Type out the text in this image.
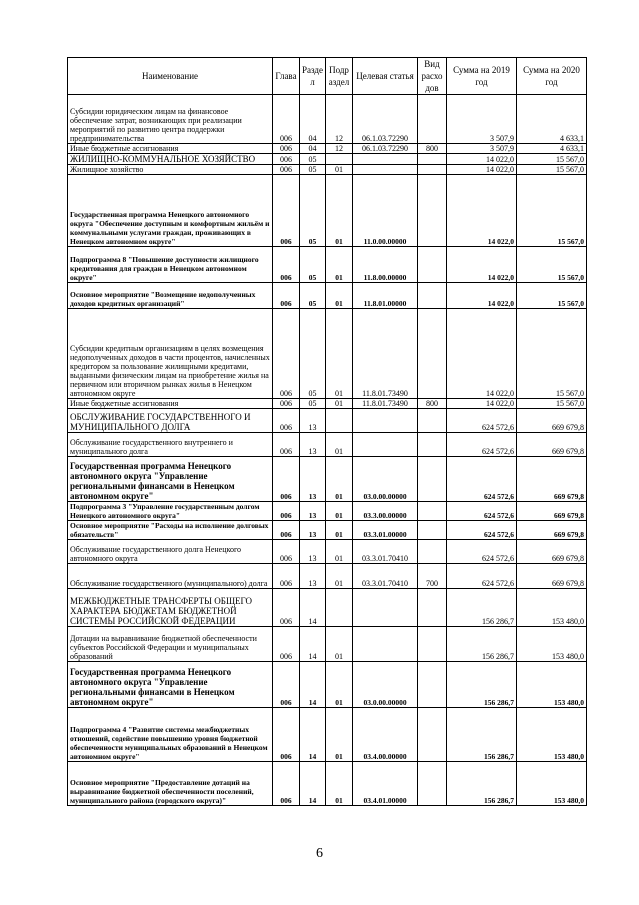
Наименование	Глава	Разде л	Подр аздел	Целевая статья	Вид расхо дов	Сумма на 2019 год	Сумма на 2020 год
Субсидии юридическим лицам на финансовое обеспечение затрат, возникающих при реализации мероприятий по развитию центра поддержки предпринимательства	006	04	12	06.1.03.72290		3 507,9	4 633,1
Иные бюджетные ассигнования	006	04	12	06.1.03.72290	800	3 507,9	4 633,1
ЖИЛИЩНО-КОММУНАЛЬНОЕ ХОЗЯЙСТВО	006	05				14 022,0	15 567,0
Жилищное хозяйство	006	05	01			14 022,0	15 567,0
Государственная программа Ненецкого автономного округа "Обеспечение доступным и комфортным жильём и коммунальными услугами граждан, проживающих в Ненецком автономном округе"	006	05	01	11.0.00.00000		14 022,0	15 567,0
Подпрограмма 8 "Повышение доступности жилищного кредитования для граждан в Ненецком автономном округе"	006	05	01	11.8.00.00000		14 022,0	15 567,0
Основное мероприятие "Возмещение недополученных доходов кредитных организаций"	006	05	01	11.8.01.00000		14 022,0	15 567,0
Субсидии кредитным организациям в целях возмещения недополученных доходов в части процентов, начисленных кредитором за пользование жилищными кредитами, выданными физическим лицам на приобретение жилья на первичном или вторичном рынках жилья в Ненецком автономном округе	006	05	01	11.8.01.73490		14 022,0	15 567,0
Иные бюджетные ассигнования	006	05	01	11.8.01.73490	800	14 022,0	15 567,0
ОБСЛУЖИВАНИЕ ГОСУДАРСТВЕННОГО И МУНИЦИПАЛЬНОГО ДОЛГА	006	13				624 572,6	669 679,8
Обслуживание государственного внутреннего и муниципального долга	006	13	01			624 572,6	669 679,8
Государственная программа Ненецкого автономного округа "Управление региональными финансами в Ненецком автономном округе"	006	13	01	03.0.00.00000		624 572,6	669 679,8
Подпрограмма 3 "Управление государственным долгом Ненецкого автономного округа"	006	13	01	03.3.00.00000		624 572,6	669 679,8
Основное мероприятие "Расходы на исполнение долговых обязательств"	006	13	01	03.3.01.00000		624 572,6	669 679,8
Обслуживание государственного долга Ненецкого автономного округа	006	13	01	03.3.01.70410		624 572,6	669 679,8
Обслуживание государственного (муниципального) долга	006	13	01	03.3.01.70410	700	624 572,6	669 679,8
МЕЖБЮДЖЕТНЫЕ ТРАНСФЕРТЫ ОБЩЕГО ХАРАКТЕРА БЮДЖЕТАМ БЮДЖЕТНОЙ СИСТЕМЫ РОССИЙСКОЙ ФЕДЕРАЦИИ	006	14				156 286,7	153 480,0
Дотации на выравнивание бюджетной обеспеченности субъектов Российской Федерации и муниципальных образований	006	14	01			156 286,7	153 480,0
Государственная программа Ненецкого автономного округа "Управление региональными финансами в Ненецком автономном округе"	006	14	01	03.0.00.00000		156 286,7	153 480,0
Подпрограмма 4 "Развитие системы межбюджетных отношений, содействие повышению уровня бюджетной обеспеченности муниципальных образований в Ненецком автономном округе"	006	14	01	03.4.00.00000		156 286,7	153 480,0
Основное мероприятие "Предоставление дотаций на выравнивание бюджетной обеспеченности поселений, муниципального района (городского округа)"	006	14	01	03.4.01.00000		156 286,7	153 480,0
6
